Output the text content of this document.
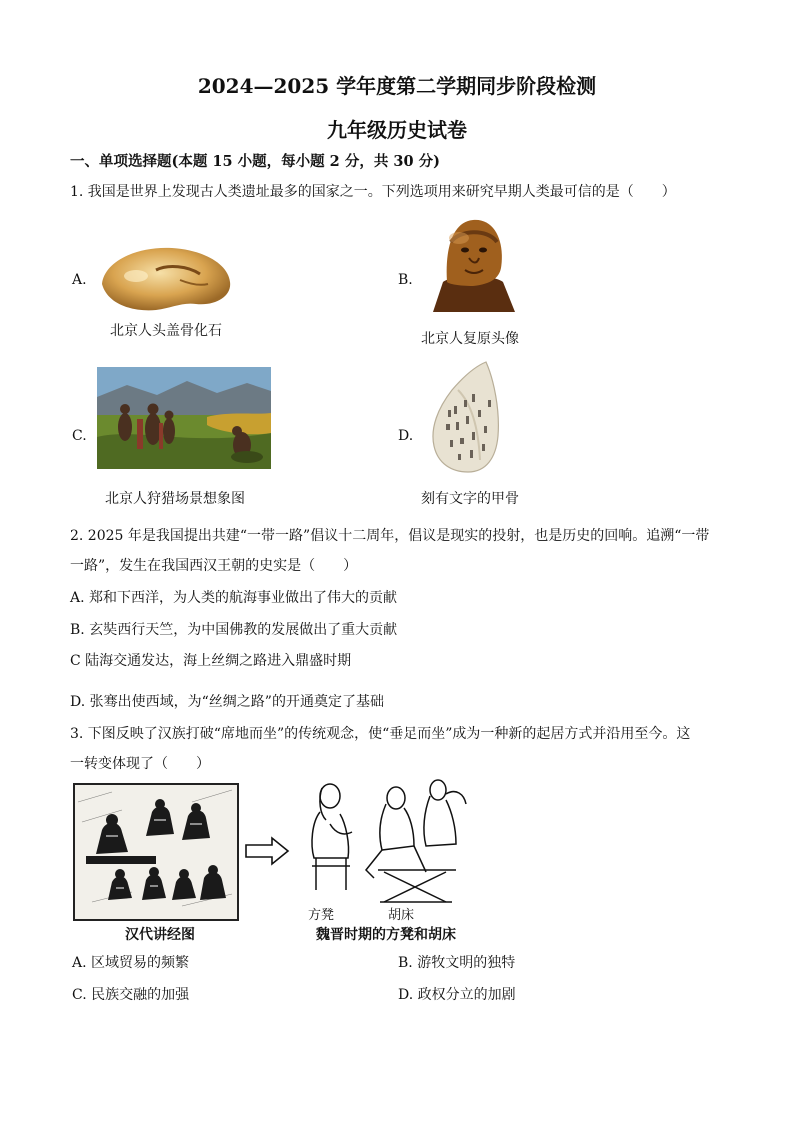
2024—2025 学年度第二学期同步阶段检测
九年级历史试卷
一、单项选择题(本题 15 小题，每小题 2 分，共 30 分)
1. 我国是世界上发现古人类遗址最多的国家之一。下列选项用来研究早期人类最可信的是（　　）
A.
北京人头盖骨化石
B.
北京人复原头像
C.
北京人狩猎场景想象图
D.
刻有文字的甲骨
2. 2025 年是我国提出共建“一带一路”倡议十二周年，倡议是现实的投射，也是历史的回响。追溯“一带
一路”，发生在我国西汉王朝的史实是（　　）
A. 郑和下西洋，为人类的航海事业做出了伟大的贡献
B. 玄奘西行天竺，为中国佛教的发展做出了重大贡献
C 陆海交通发达，海上丝绸之路进入鼎盛时期
D. 张骞出使西域，为“丝绸之路”的开通奠定了基础
3. 下图反映了汉族打破“席地而坐”的传统观念，使“垂足而坐”成为一种新的起居方式并沿用至今。这
一转变体现了（　　）
方凳	胡床
汉代讲经图	魏晋时期的方凳和胡床
A. 区域贸易的频繁	B. 游牧文明的独特
C. 民族交融的加强	D. 政权分立的加剧
